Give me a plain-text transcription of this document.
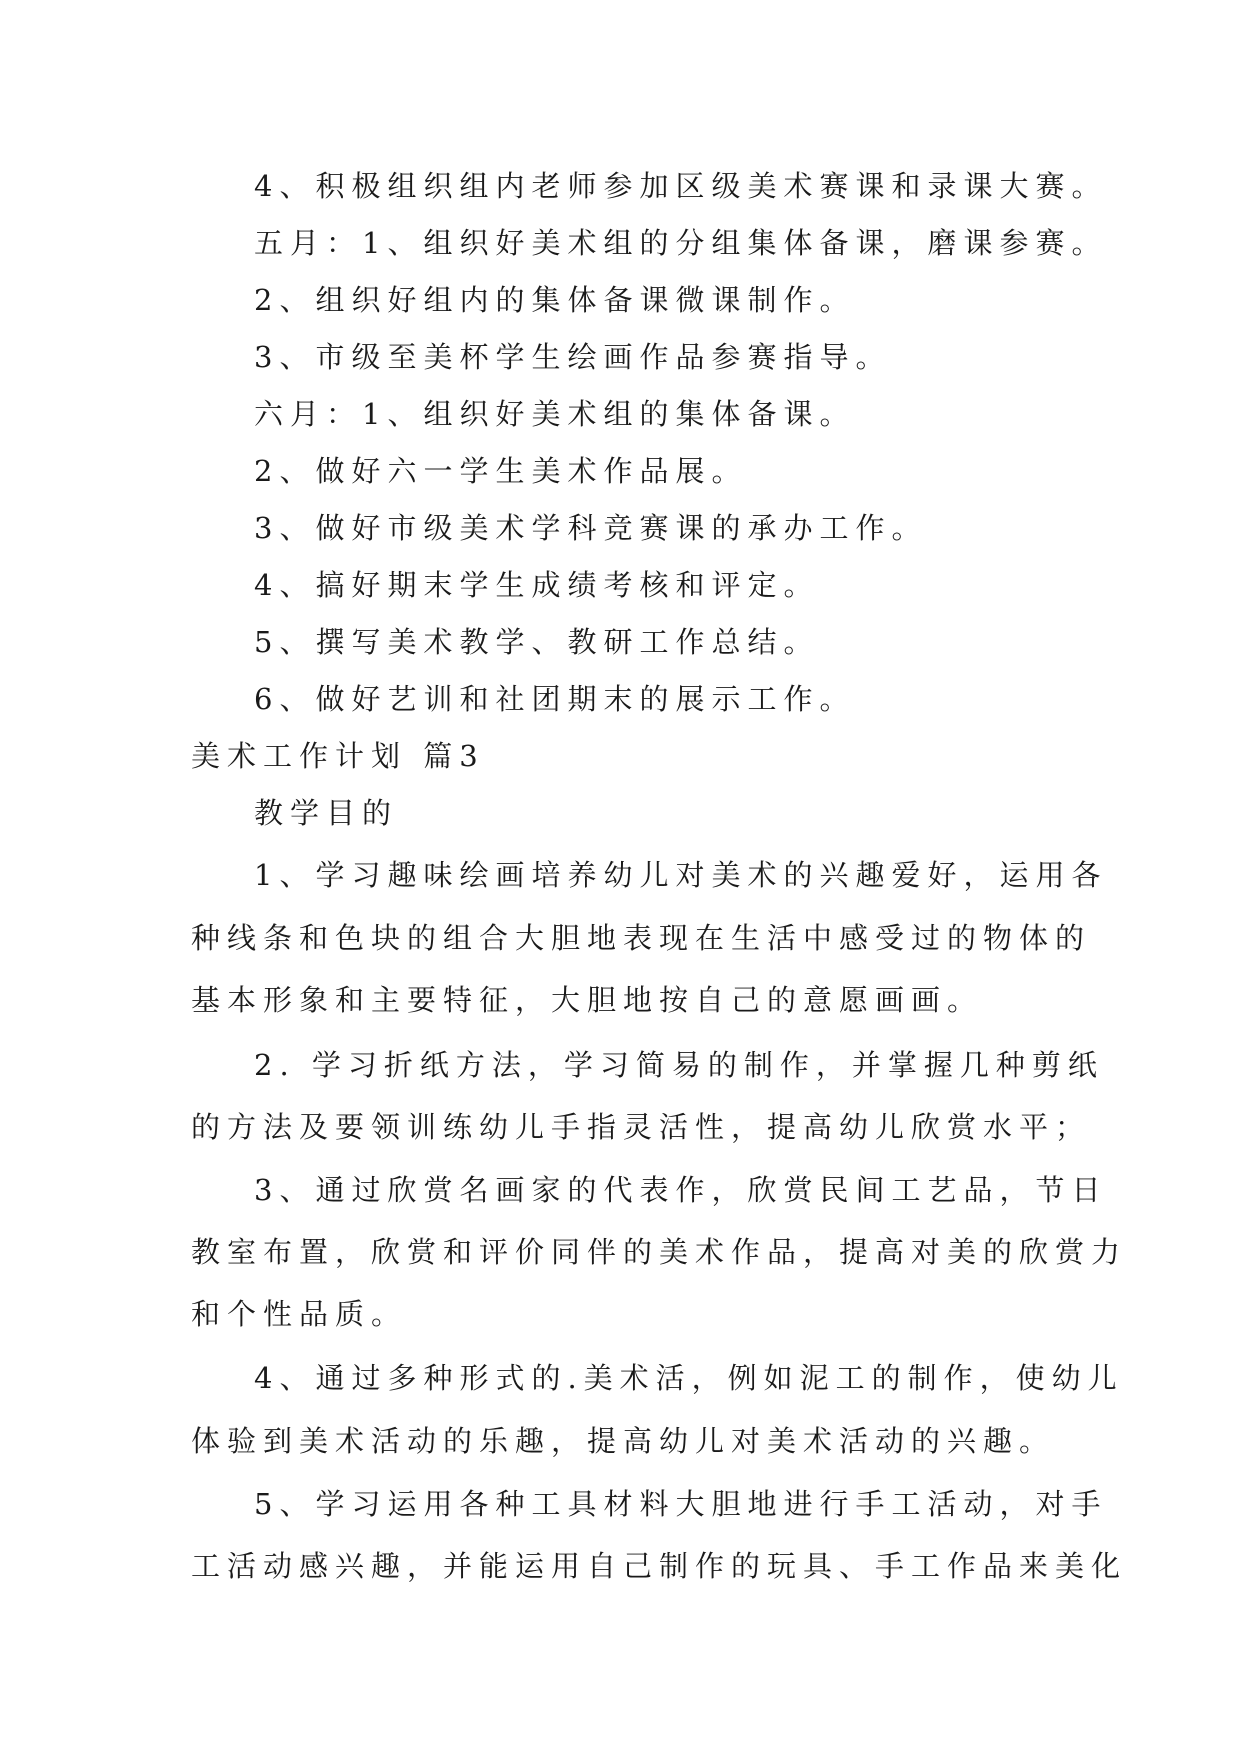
4、积极组织组内老师参加区级美术赛课和录课大赛。
五月：1、组织好美术组的分组集体备课，磨课参赛。
2、组织好组内的集体备课微课制作。
3、市级至美杯学生绘画作品参赛指导。
六月：1、组织好美术组的集体备课。
2、做好六一学生美术作品展。
3、做好市级美术学科竞赛课的承办工作。
4、搞好期末学生成绩考核和评定。
5、撰写美术教学、教研工作总结。
6、做好艺训和社团期末的展示工作。
美术工作计划 篇3
教学目的
1、学习趣味绘画培养幼儿对美术的兴趣爱好，运用各
种线条和色块的组合大胆地表现在生活中感受过的物体的
基本形象和主要特征，大胆地按自己的意愿画画。
2. 学习折纸方法，学习简易的制作，并掌握几种剪纸
的方法及要领训练幼儿手指灵活性，提高幼儿欣赏水平；
3、通过欣赏名画家的代表作，欣赏民间工艺品，节日
教室布置，欣赏和评价同伴的美术作品，提高对美的欣赏力
和个性品质。
4、通过多种形式的.美术活，例如泥工的制作，使幼儿
体验到美术活动的乐趣，提高幼儿对美术活动的兴趣。
5、学习运用各种工具材料大胆地进行手工活动，对手
工活动感兴趣，并能运用自己制作的玩具、手工作品来美化
